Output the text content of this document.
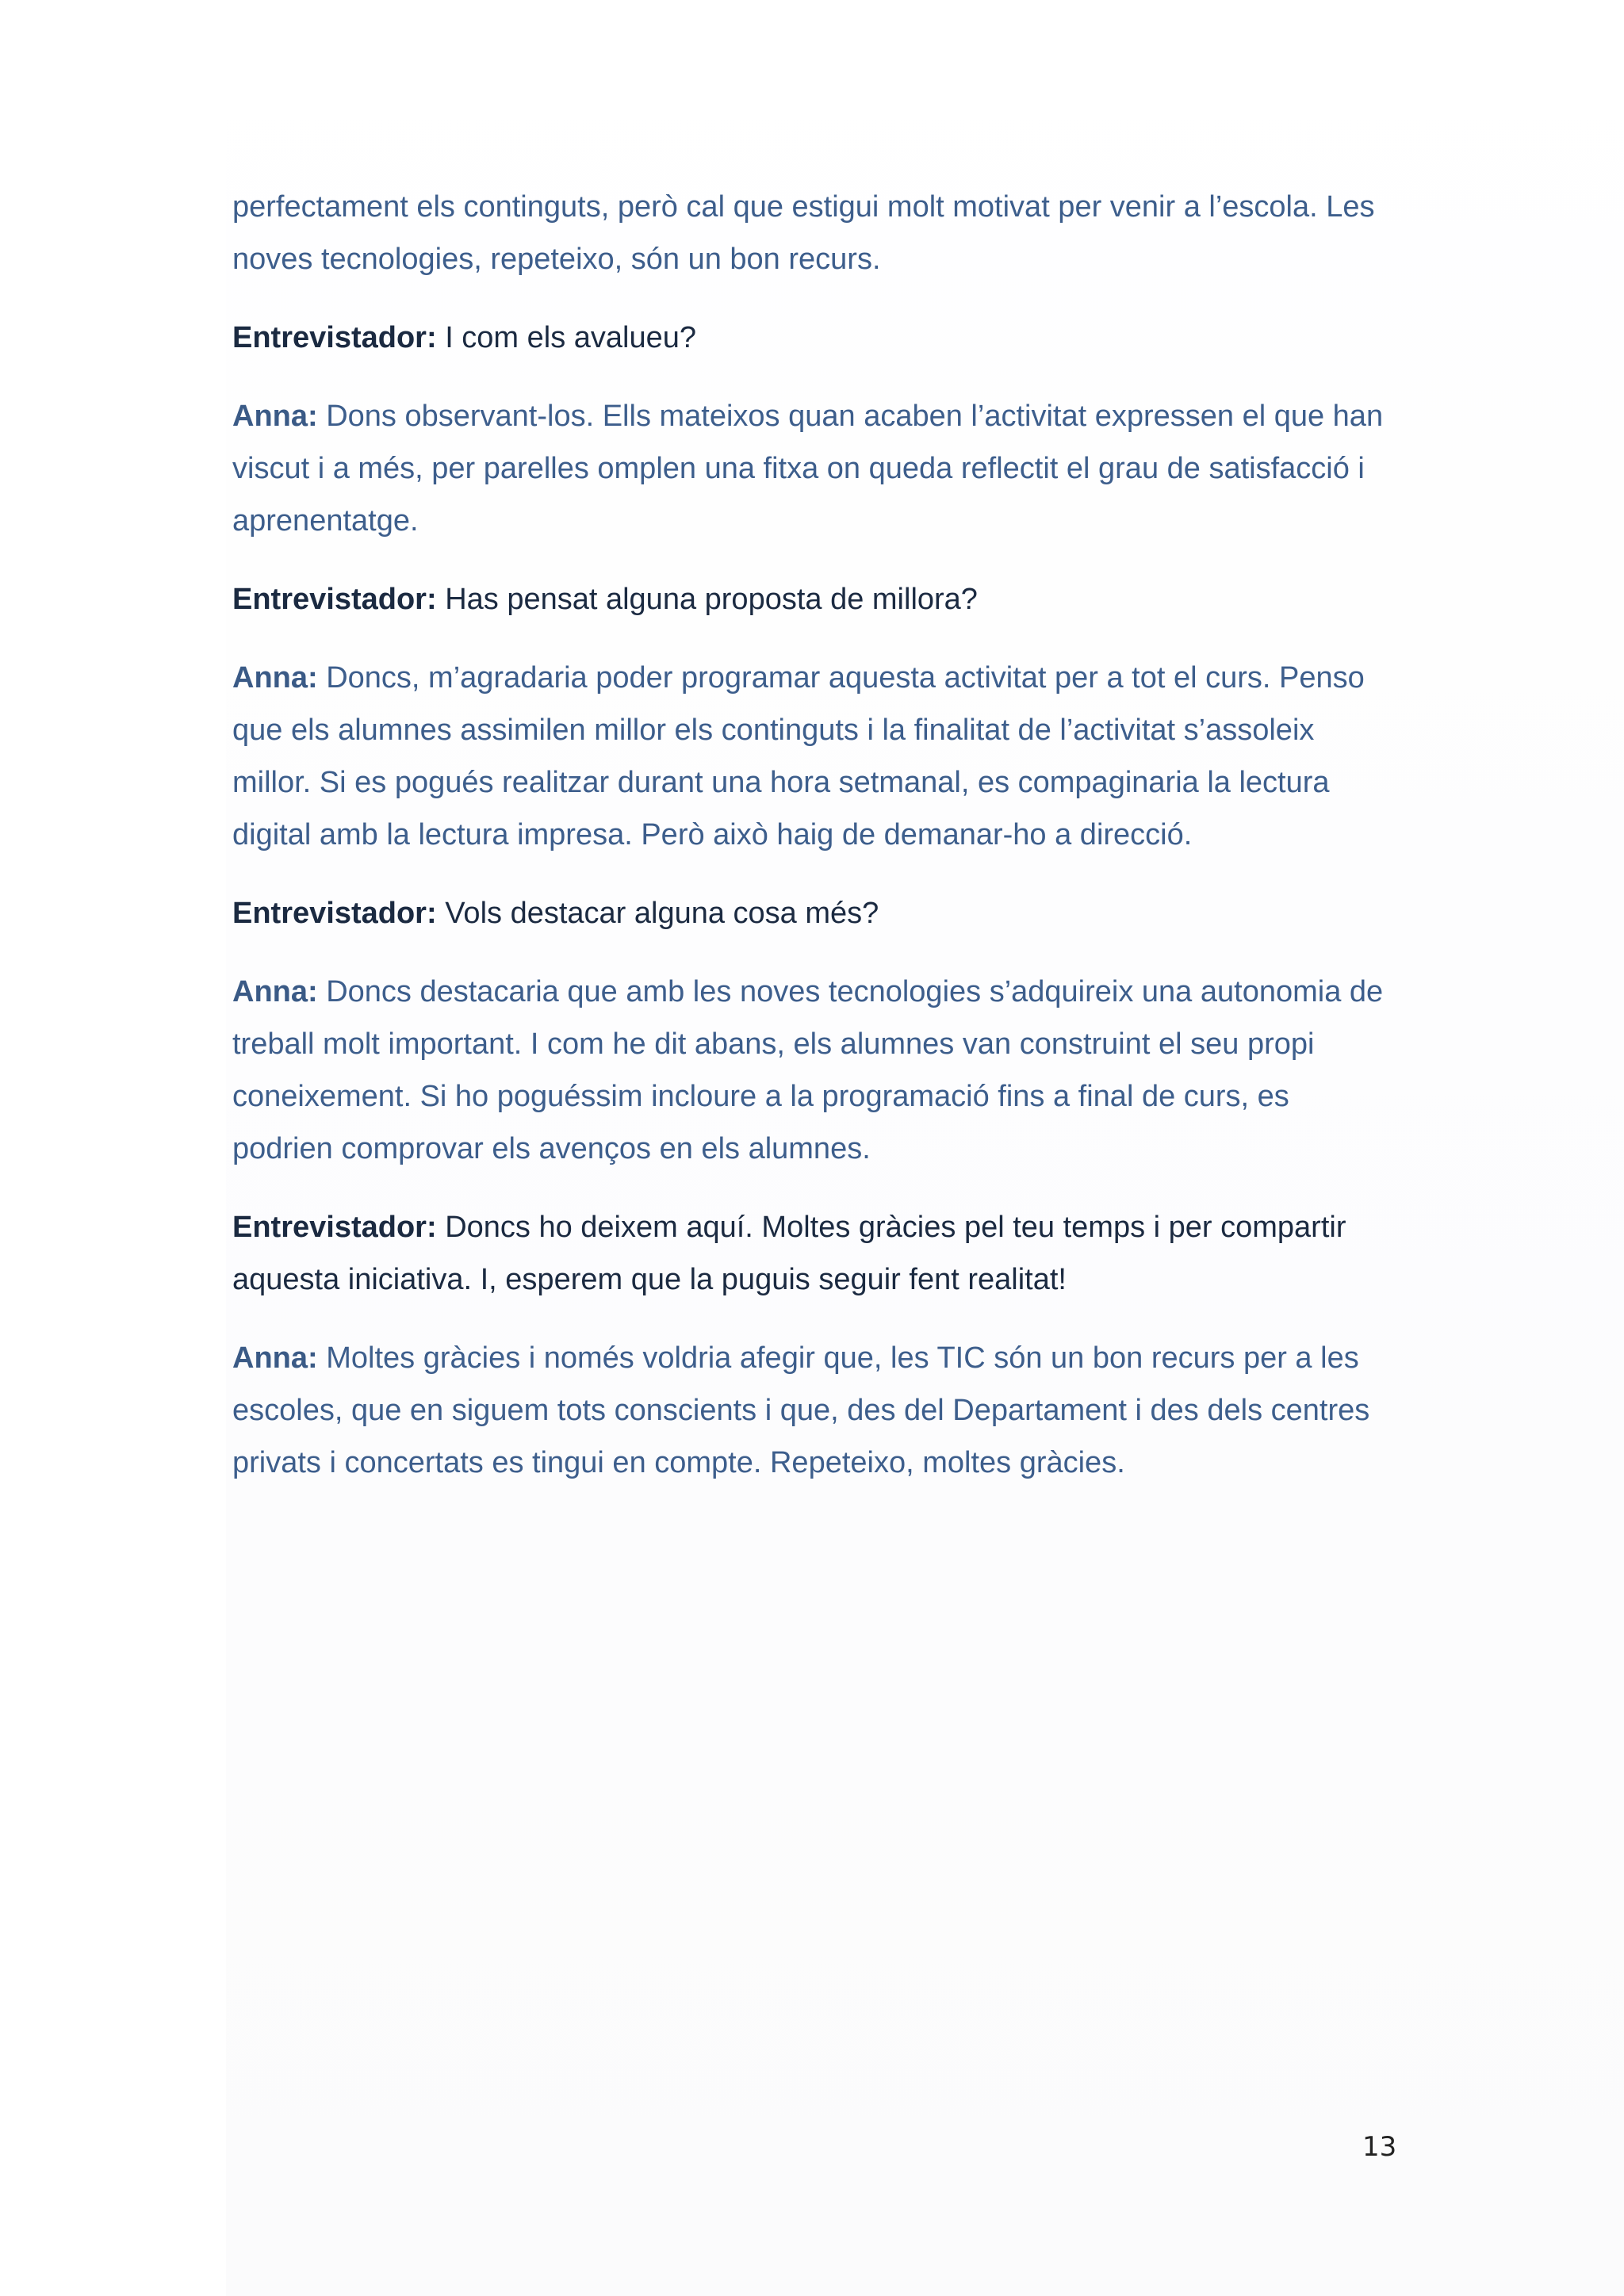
perfectament els continguts, però cal que estigui molt motivat per venir a l’escola. Les noves tecnologies, repeteixo, són un bon recurs.

Entrevistador: I com els avalueu?

Anna: Dons observant-los. Ells mateixos quan acaben l’activitat expressen el que han viscut i a més, per parelles omplen una fitxa on queda reflectit el grau de satisfacció i aprenentatge.

Entrevistador: Has pensat alguna proposta de millora?

Anna: Doncs, m’agradaria poder programar aquesta activitat per a tot el curs. Penso que els alumnes assimilen millor els continguts i la finalitat de l’activitat s’assoleix millor. Si es pogués realitzar durant una hora setmanal, es compaginaria la lectura digital amb la lectura impresa. Però això haig de demanar-ho a direcció.

Entrevistador: Vols destacar alguna cosa més?

Anna: Doncs destacaria que amb les noves tecnologies s’adquireix una autonomia de treball molt important. I com he dit abans, els alumnes van construint el seu propi coneixement. Si ho poguéssim incloure a la programació fins a final de curs, es podrien comprovar els avenços en els alumnes.

Entrevistador: Doncs ho deixem aquí. Moltes gràcies pel teu temps i per compartir aquesta iniciativa. I, esperem que la puguis seguir fent realitat!

Anna: Moltes gràcies i només voldria afegir que, les TIC són un bon recurs per a les escoles, que en siguem tots conscients i que, des del Departament i des dels centres privats i concertats es tingui en compte. Repeteixo, moltes gràcies.

13
